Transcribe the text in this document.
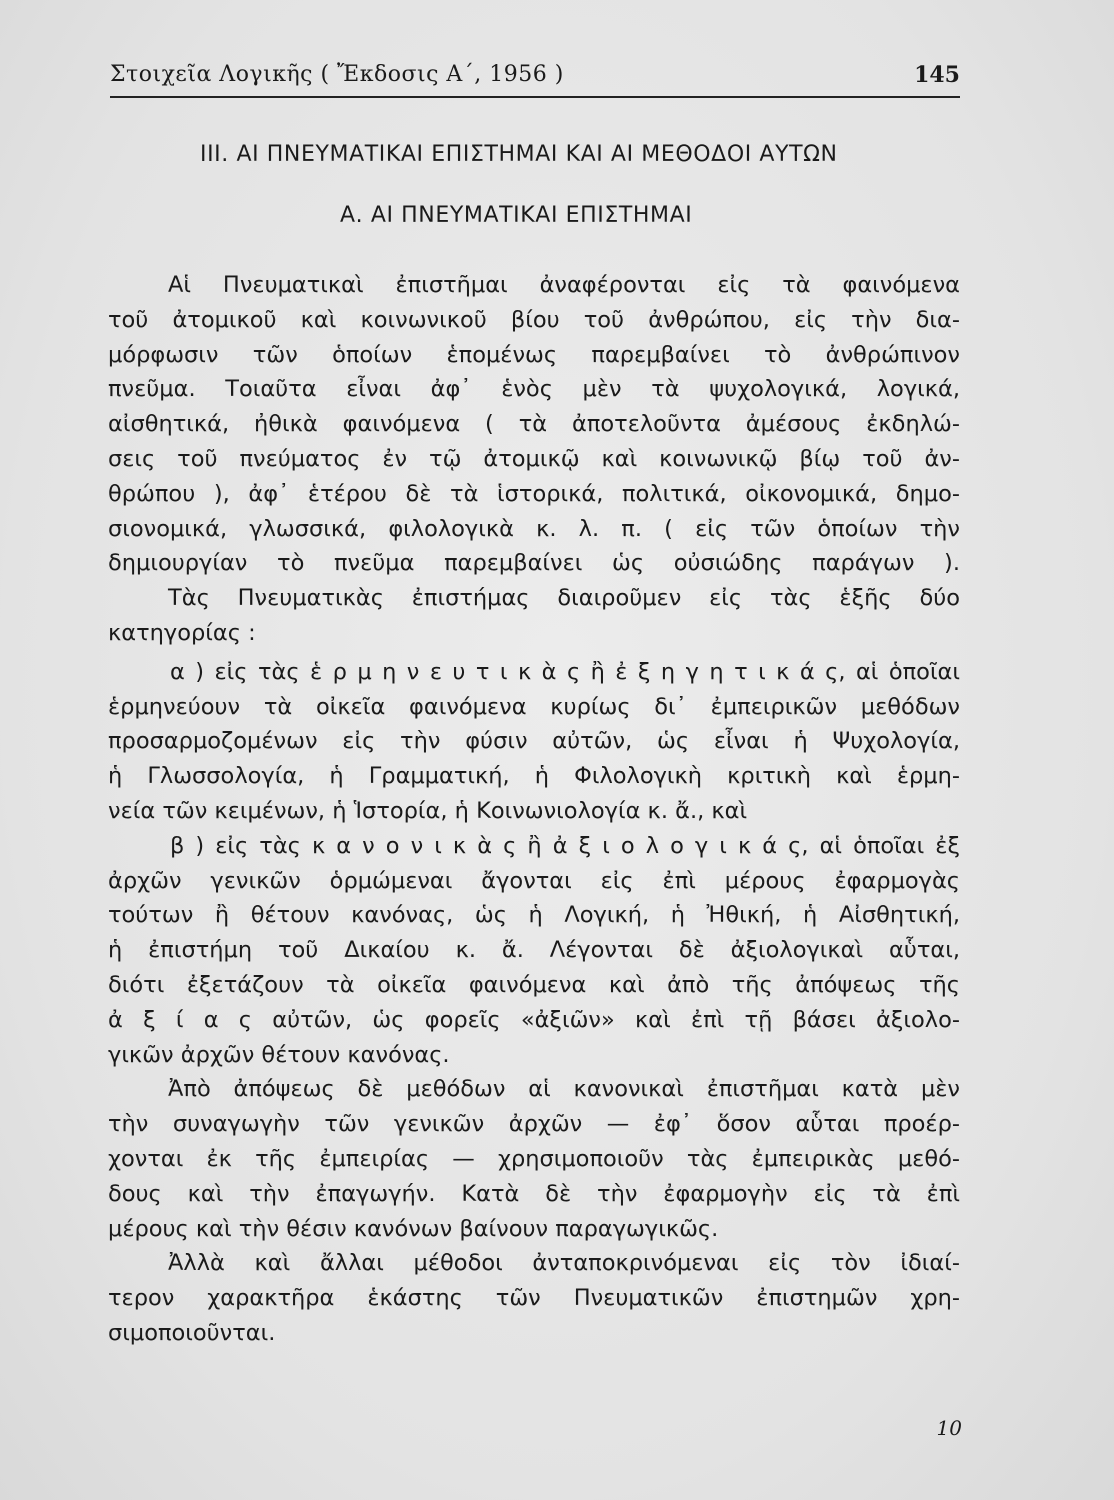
Στοιχεῖα Λογικῆς ( Ἔκδοσις Α΄, 1956 )	145
III. ΑΙ ΠΝΕΥΜΑΤΙΚΑΙ ΕΠΙΣΤΗΜΑΙ ΚΑΙ ΑΙ ΜΕΘΟΔΟΙ ΑΥΤΩΝ
Α. ΑΙ ΠΝΕΥΜΑΤΙΚΑΙ ΕΠΙΣΤΗΜΑΙ
Αἱ Πνευματικαὶ ἐπιστῆμαι ἀναφέρονται εἰς τὰ φαινόμενα
τοῦ ἀτομικοῦ καὶ κοινωνικοῦ βίου τοῦ ἀνθρώπου, εἰς τὴν δια-
μόρφωσιν τῶν ὁποίων ἑπομένως παρεμβαίνει τὸ ἀνθρώπινον
πνεῦμα. Τοιαῦτα εἶναι ἀφ᾽ ἑνὸς μὲν τὰ ψυχολογικά, λογικά,
αἰσθητικά, ἠθικὰ φαινόμενα ( τὰ ἀποτελοῦντα ἀμέσους ἐκδηλώ-
σεις τοῦ πνεύματος ἐν τῷ ἀτομικῷ καὶ κοινωνικῷ βίῳ τοῦ ἀν-
θρώπου ), ἀφ᾽ ἑτέρου δὲ τὰ ἱστορικά, πολιτικά, οἰκονομικά, δημο-
σιονομικά, γλωσσικά, φιλολογικὰ κ. λ. π. ( εἰς τῶν ὁποίων τὴν
δημιουργίαν τὸ πνεῦμα παρεμβαίνει ὡς οὐσιώδης παράγων ).
Τὰς Πνευματικὰς ἐπιστήμας διαιροῦμεν εἰς τὰς ἑξῆς δύο
κατηγορίας :
α ) εἰς τὰς ἑ ρ μ η ν ε υ τ ι κ ὰ ς ἢ ἐ ξ η γ η τ ι κ ά ς, αἱ ὁποῖαι
ἑρμηνεύουν τὰ οἰκεῖα φαινόμενα κυρίως δι᾽ ἐμπειρικῶν μεθόδων
προσαρμοζομένων εἰς τὴν φύσιν αὐτῶν, ὡς εἶναι ἡ Ψυχολογία,
ἡ Γλωσσολογία, ἡ Γραμματική, ἡ Φιλολογικὴ κριτικὴ καὶ ἑρμη-
νεία τῶν κειμένων, ἡ Ἱστορία, ἡ Κοινωνιολογία κ. ἄ., καὶ
β ) εἰς τὰς κ α ν ο ν ι κ ὰ ς ἢ ἀ ξ ι ο λ ο γ ι κ ά ς, αἱ ὁποῖαι ἐξ
ἀρχῶν γενικῶν ὁρμώμεναι ἄγονται εἰς ἐπὶ μέρους ἐφαρμογὰς
τούτων ἢ θέτουν κανόνας, ὡς ἡ Λογική, ἡ Ἠθική, ἡ Αἰσθητική,
ἡ ἐπιστήμη τοῦ Δικαίου κ. ἄ. Λέγονται δὲ ἀξιολογικαὶ αὗται,
διότι ἐξετάζουν τὰ οἰκεῖα φαινόμενα καὶ ἀπὸ τῆς ἀπόψεως τῆς
ἀ ξ ί α ς αὐτῶν, ὡς φορεῖς «ἀξιῶν» καὶ ἐπὶ τῇ βάσει ἀξιολο-
γικῶν ἀρχῶν θέτουν κανόνας.
Ἀπὸ ἀπόψεως δὲ μεθόδων αἱ κανονικαὶ ἐπιστῆμαι κατὰ μὲν
τὴν συναγωγὴν τῶν γενικῶν ἀρχῶν — ἐφ᾽ ὅσον αὗται προέρ-
χονται ἐκ τῆς ἐμπειρίας — χρησιμοποιοῦν τὰς ἐμπειρικὰς μεθό-
δους καὶ τὴν ἐπαγωγήν. Κατὰ δὲ τὴν ἐφαρμογὴν εἰς τὰ ἐπὶ
μέρους καὶ τὴν θέσιν κανόνων βαίνουν παραγωγικῶς.
Ἀλλὰ καὶ ἄλλαι μέθοδοι ἀνταποκρινόμεναι εἰς τὸν ἰδιαί-
τερον χαρακτῆρα ἑκάστης τῶν Πνευματικῶν ἐπιστημῶν χρη-
σιμοποιοῦνται.
10
